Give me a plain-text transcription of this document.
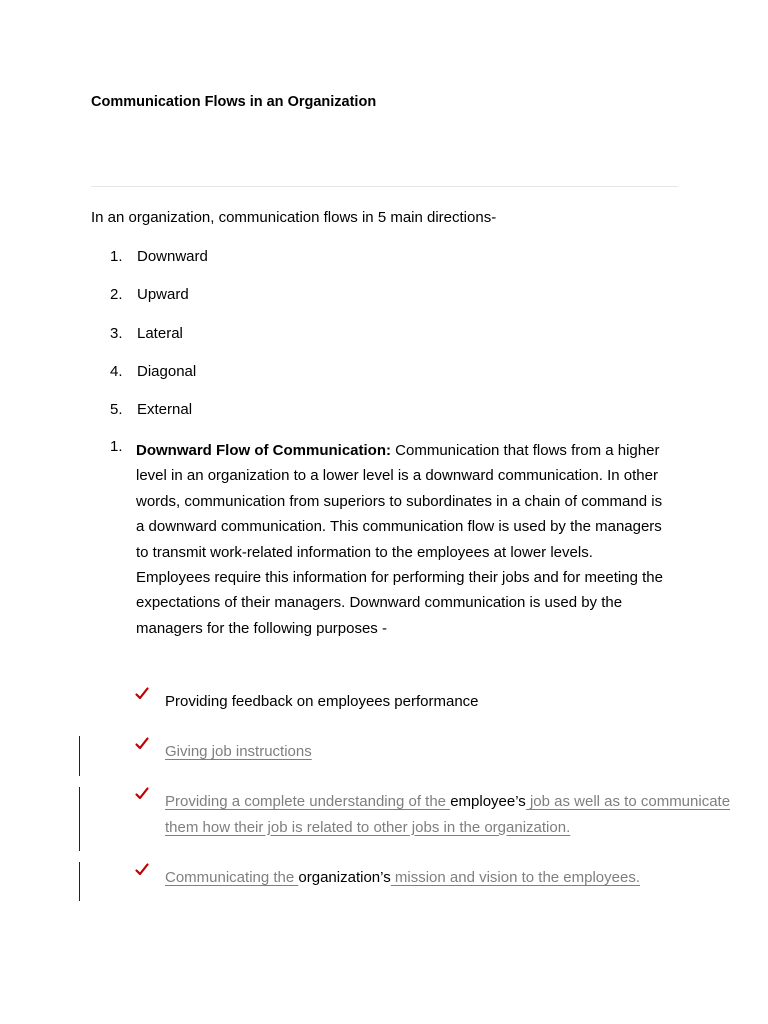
Communication Flows in an Organization

In an organization, communication flows in 5 main directions-

1. Downward
2. Upward
3. Lateral
4. Diagonal
5. External
1. Downward Flow of Communication: Communication that flows from a higher level in an organization to a lower level is a downward communication. In other words, communication from superiors to subordinates in a chain of command is a downward communication. This communication flow is used by the managers to transmit work-related information to the employees at lower levels. Employees require this information for performing their jobs and for meeting the expectations of their managers. Downward communication is used by the managers for the following purposes -

Providing feedback on employees performance
Giving job instructions
Providing a complete understanding of the employee’s job as well as to communicate them how their job is related to other jobs in the organization.
Communicating the organization’s mission and vision to the employees.
